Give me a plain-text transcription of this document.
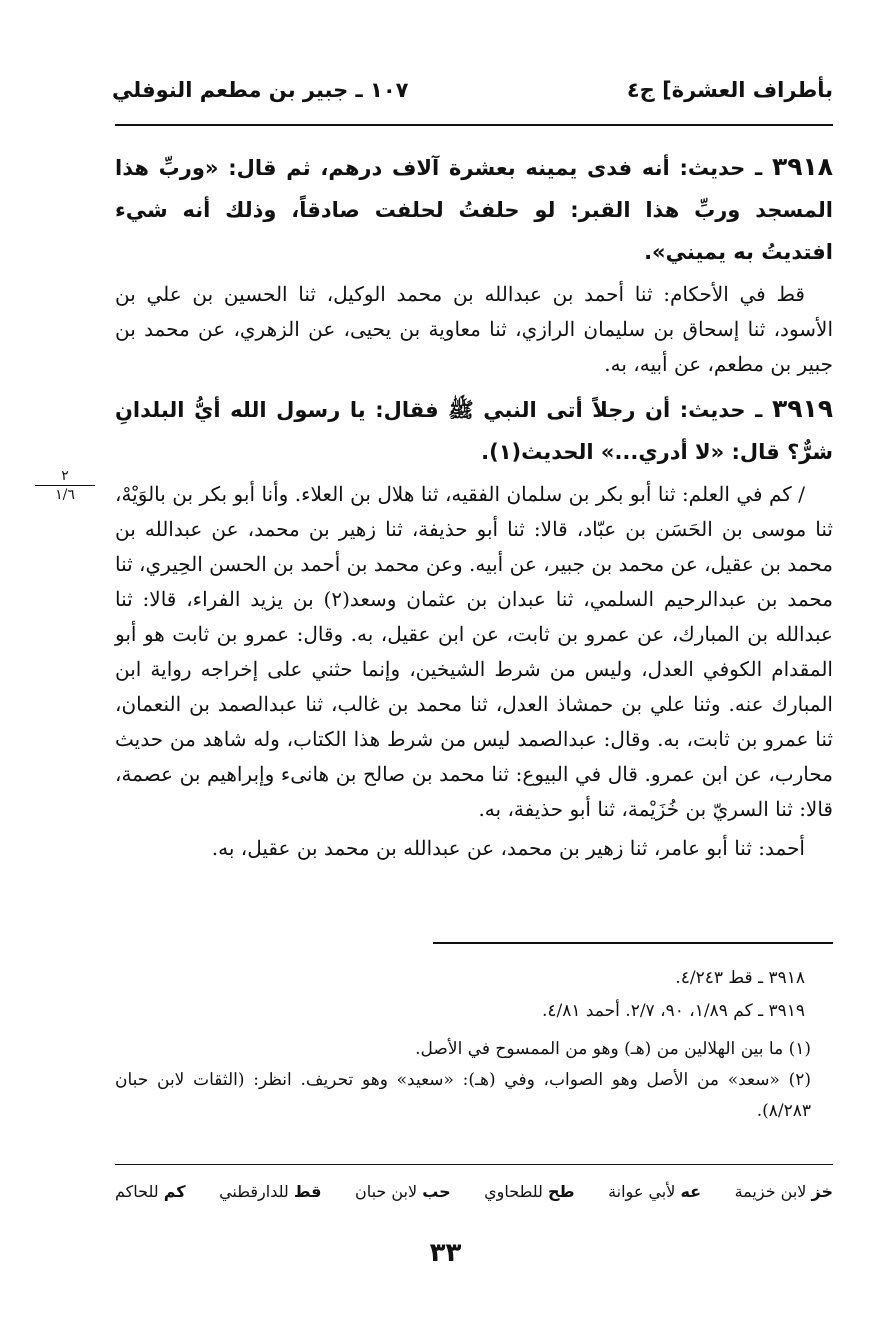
بأطراف العشرة] ج٤
١٠٧ ـ جبير بن مطعم النوفلي

٣٩١٨ ـ حديث: أنه فدى يمينه بعشرة آلاف درهم، ثم قال: «وربِّ هذا المسجد وربِّ هذا القبر: لو حلفتُ لحلفت صادقاً، وذلك أنه شيء افتديتُ به يميني».

قط في الأحكام: ثنا أحمد بن عبدالله بن محمد الوكيل، ثنا الحسين بن علي بن الأسود، ثنا إسحاق بن سليمان الرازي، ثنا معاوية بن يحيى، عن الزهري، عن محمد بن جبير بن مطعم، عن أبيه، به.

٣٩١٩ ـ حديث: أن رجلاً أتى النبي ﷺ فقال: يا رسول الله أيُّ البلدانِ شرٌّ؟ قال: «لا أدري...» الحديث(١).

/ كم في العلم: ثنا أبو بكر بن سلمان الفقيه، ثنا هلال بن العلاء. وأنا أبو بكر بن بالوَيْهْ، ثنا موسى بن الحَسَن بن عبّاد، قالا: ثنا أبو حذيفة، ثنا زهير بن محمد، عن عبدالله بن محمد بن عقيل، عن محمد بن جبير، عن أبيه. وعن محمد بن أحمد بن الحسن الحِيري، ثنا محمد بن عبدالرحيم السلمي، ثنا عبدان بن عثمان وسعد(٢) بن يزيد الفراء، قالا: ثنا عبدالله بن المبارك، عن عمرو بن ثابت، عن ابن عقيل، به. وقال: عمرو بن ثابت هو أبو المقدام الكوفي العدل، وليس من شرط الشيخين، وإنما حثني على إخراجه رواية ابن المبارك عنه. وثنا علي بن حمشاذ العدل، ثنا محمد بن غالب، ثنا عبدالصمد بن النعمان، ثنا عمرو بن ثابت، به. وقال: عبدالصمد ليس من شرط هذا الكتاب، وله شاهد من حديث محارب، عن ابن عمرو. قال في البيوع: ثنا محمد بن صالح بن هانىء وإبراهيم بن عصمة، قالا: ثنا السريّ بن خُزَيْمة، ثنا أبو حذيفة، به.

أحمد: ثنا أبو عامر، ثنا زهير بن محمد، عن عبدالله بن محمد بن عقيل، به.

٢
١/٦

٣٩١٨ ـ قط ٤/٢٤٣.

٣٩١٩ ـ كم ١/٨٩، ٩٠، ٢/٧. أحمد ٤/٨١.

(١) ما بين الهلالين من (هـ) وهو من الممسوح في الأصل.

(٢) «سعد» من الأصل وهو الصواب، وفي (هـ): «سعيد» وهو تحريف. انظر: (الثقات لابن حبان ٨/٢٨٣).

خز لابن خزيمة
عه لأبي عوانة
طح للطحاوي
حب لابن حبان
قط للدارقطني
كم للحاكم
٣٣
